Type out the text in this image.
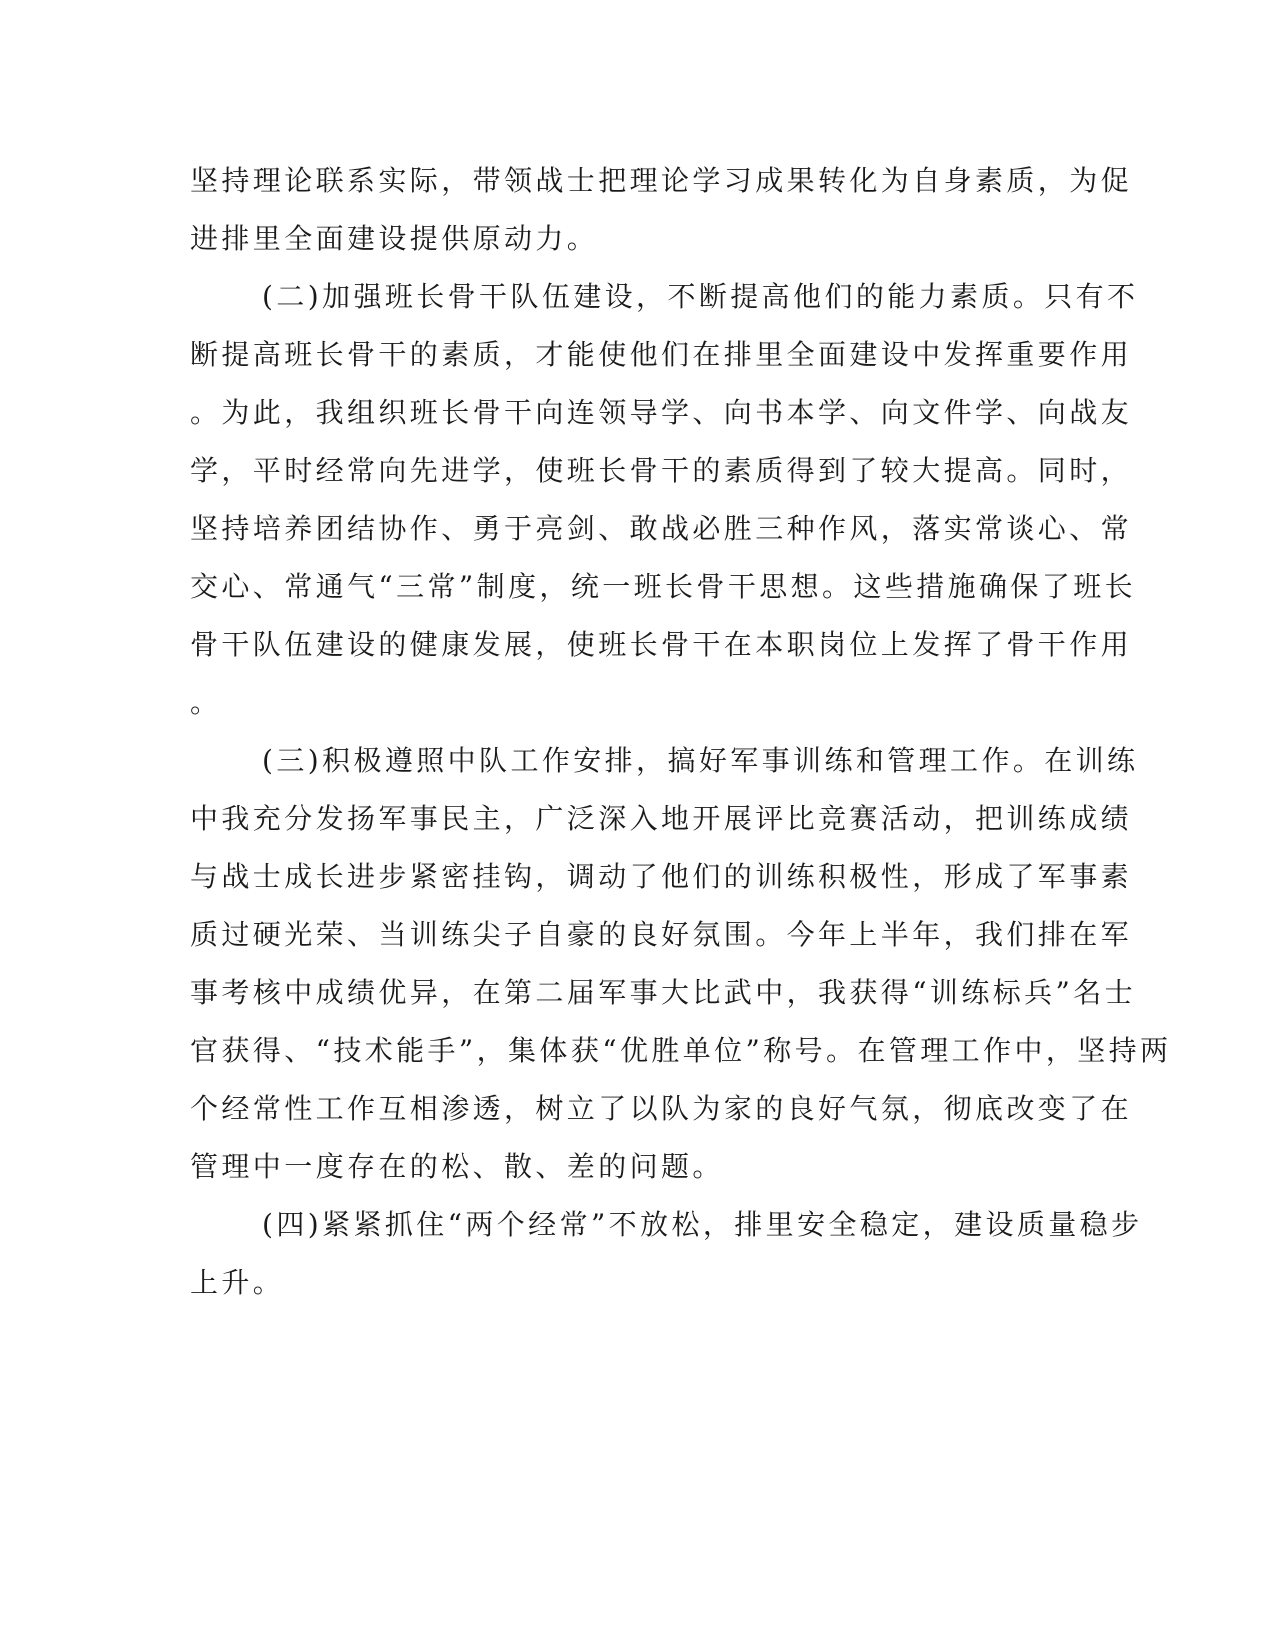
坚持理论联系实际，带领战士把理论学习成果转化为自身素质，为促
进排里全面建设提供原动力。
(二)加强班长骨干队伍建设，不断提高他们的能力素质。只有不
断提高班长骨干的素质，才能使他们在排里全面建设中发挥重要作用
。为此，我组织班长骨干向连领导学、向书本学、向文件学、向战友
学，平时经常向先进学，使班长骨干的素质得到了较大提高。同时，
坚持培养团结协作、勇于亮剑、敢战必胜三种作风，落实常谈心、常
交心、常通气“三常”制度，统一班长骨干思想。这些措施确保了班长
骨干队伍建设的健康发展，使班长骨干在本职岗位上发挥了骨干作用
。
(三)积极遵照中队工作安排，搞好军事训练和管理工作。在训练
中我充分发扬军事民主，广泛深入地开展评比竞赛活动，把训练成绩
与战士成长进步紧密挂钩，调动了他们的训练积极性，形成了军事素
质过硬光荣、当训练尖子自豪的良好氛围。今年上半年，我们排在军
事考核中成绩优异，在第二届军事大比武中，我获得“训练标兵”名士
官获得、“技术能手”，集体获“优胜单位”称号。在管理工作中，坚持两
个经常性工作互相渗透，树立了以队为家的良好气氛，彻底改变了在
管理中一度存在的松、散、差的问题。
(四)紧紧抓住“两个经常”不放松，排里安全稳定，建设质量稳步
上升。
